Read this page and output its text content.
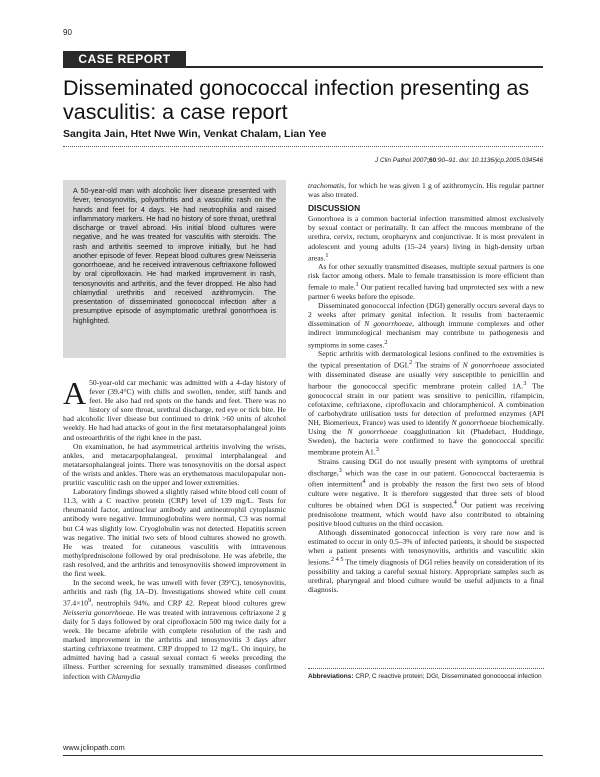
90
CASE REPORT
Disseminated gonococcal infection presenting as vasculitis: a case report
Sangita Jain, Htet Nwe Win, Venkat Chalam, Lian Yee
J Clin Pathol 2007;60:90–91. doi: 10.1136/jcp.2005.034546
A 50-year-old man with alcoholic liver disease presented with fever, tenosynovitis, polyarthritis and a vasculitic rash on the hands and feet for 4 days. He had neutrophilia and raised inflammatory markers. He had no history of sore throat, urethral discharge or travel abroad. His initial blood cultures were negative, and he was treated for vasculitis with steroids. The rash and arthritis seemed to improve initially, but he had another episode of fever. Repeat blood cultures grew Neisseria gonorrhoeae, and he received intravenous ceftriaxone followed by oral ciprofloxacin. He had marked improvement in rash, tenosynovitis and arthritis, and the fever dropped. He also had chlamydial urethritis and received azithromycin. The presentation of disseminated gonococcal infection after a presumptive episode of asymptomatic urethral gonorrhoea is highlighted.

A 50-year-old car mechanic was admitted with a 4-day history of fever (39.4°C) with chills and swollen, tender, stiff hands and feet. He also had red spots on the hands and feet. There was no history of sore throat, urethral discharge, red eye or tick bite. He had alcoholic liver disease but continued to drink >60 units of alcohol weekly. He had had attacks of gout in the first metatarsophalangeal joints and osteoarthritis of the right knee in the past.

On examination, he had asymmetrical arthritis involving the wrists, ankles, and metacarpophalangeal, proximal interphalangeal and metatarsophalangeal joints. There was tenosynovitis on the dorsal aspect of the wrists and ankles. There was an erythematous maculopapular non-pruritic vasculitic rash on the upper and lower extremities.

Laboratory findings showed a slightly raised white blood cell count of 11.3, with a C reactive protein (CRP) level of 139 mg/L. Tests for rheumatoid factor, antinuclear antibody and antineutrophil cytoplasmic antibody were negative. Immunoglobulins were normal, C3 was normal but C4 was slightly low. Cryoglobulin was not detected. Hepatitis screen was negative. The initial two sets of blood cultures showed no growth. He was treated for cutaneous vasculitis with intravenous methylprednisolone followed by oral prednisolone. He was afebrile, the rash resolved, and the arthritis and tenosynovitis showed improvement in the first week.

In the second week, he was unwell with fever (39°C), tenosynovitis, arthritis and rash (fig 1A–D). Investigations showed white cell count $37.4\times 10^9$, neutrophils 94%, and CRP 42. Repeat blood cultures grew Neisseria gonorrhoeae. He was treated with intravenous ceftriaxone 2 g daily for 5 days followed by oral ciprofloxacin 500 mg twice daily for a week. He became afebrile with complete resolution of the rash and marked improvement in the arthritis and tenosynovitis 3 days after starting ceftriaxone treatment. CRP dropped to 12 mg/L. On inquiry, he admitted having had a casual sexual contact 6 weeks preceding the illness. Further screening for sexually transmitted diseases confirmed infection with Chlamydia

trachomatis, for which he was given 1 g of azithromycin. His regular partner was also treated.

DISCUSSION

Gonorrhoea is a common bacterial infection transmitted almost exclusively by sexual contact or perinatally. It can affect the mucous membrane of the urethra, cervix, rectum, oropharynx and conjunctivae. It is most prevalent in adolescent and young adults (15–24 years) living in high-density urban areas.$^1$

As for other sexually transmitted diseases, multiple sexual partners is one risk factor among others. Male to female transmission is more efficient than female to male.$^1$ Our patient recalled having had unprotected sex with a new partner 6 weeks before the episode.

Disseminated gonococcal infection (DGI) generally occurs several days to 2 weeks after primary genital infection. It results from bacteraemic dissemination of N gonorrhoeae, although immune complexes and other indirect immunological mechanism may contribute to pathogenesis and symptoms in some cases.$^2$

Septic arthritis with dermatological lesions confined to the extremities is the typical presentation of DGI.$^2$ The strains of N gonorrhoeae associated with disseminated disease are usually very susceptible to penicillin and harbour the gonococcal specific membrane protein called 1A.$^3$ The gonococcal strain in our patient was sensitive to penicillin, rifampicin, cefotaxime, ceftriaxone, ciprofloxacin and chloramphenicol. A combination of carbohydrate utilisation tests for detection of preformed enzymes (API NH, Biomerieux, France) was used to identify N gonorrhoeae biochemically. Using the N gonorrhoeae coagglutination kit (Phadebact, Huddinge, Sweden), the bacteria were confirmed to have the gonococcal specific membrane protein A1.$^3$

Strains causing DGI do not usually present with symptoms of urethral discharge,$^3$ which was the case in our patient. Gonococcal bacteraemia is often intermittent$^4$ and is probably the reason the first two sets of blood culture were negative. It is therefore suggested that three sets of blood cultures be obtained when DGI is suspected.$^4$ Our patient was receiving prednisolone treatment, which would have also contributed to obtaining positive blood cultures on the third occasion.

Although disseminated gonococcal infection is very rare now and is estimated to occur in only 0.5–3% of infected patients, it should be suspected when a patient presents with tenosynovitis, arthritis and vasculitic skin lesions.$^{2 4 5}$ The timely diagnosis of DGI relies heavily on consideration of its possibility and taking a careful sexual history. Appropriate samples such as urethral, pharyngeal and blood culture would be useful adjuncts to a final diagnosis.

Abbreviations: CRP, C reactive protein; DGI, Disseminated gonococcal infection
www.jclinpath.com
